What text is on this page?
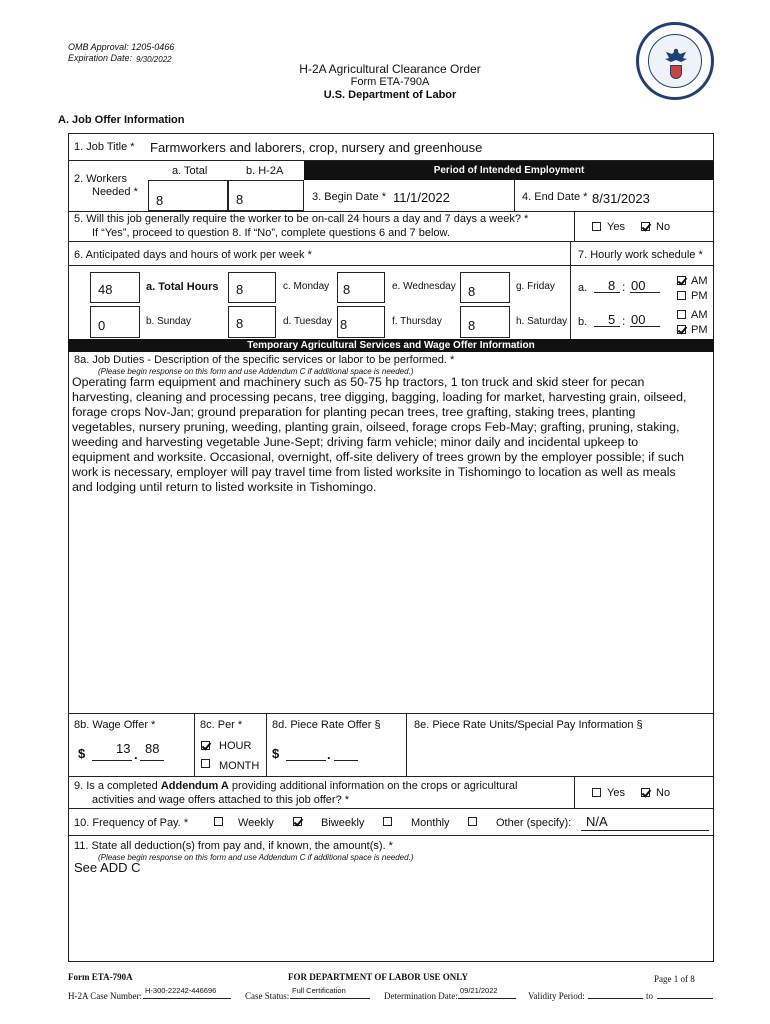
OMB Approval: 1205-0466
Expiration Date: 9/30/2022
H-2A Agricultural Clearance Order
Form ETA-790A
U.S. Department of Labor
A. Job Offer Information
1. Job Title * Farmworkers and laborers, crop, nursery and greenhouse
2. Workers
Needed *
a. Total	b. H-2A
8	8
Period of Intended Employment
3. Begin Date * 11/1/2022	4. End Date * 8/31/2023
5. Will this job generally require the worker to be on-call 24 hours a day and 7 days a week? *
If “Yes”, proceed to question 8. If “No”, complete questions 6 and 7 below.	Yes	No
6. Anticipated days and hours of work per week *	7. Hourly work schedule *
48	a. Total Hours 8	c. Monday 8	e. Wednesday 8	g. Friday
0	b. Sunday	8	d. Tuesday 8	f. Thursday 8	h. Saturday
a. 8 : 00	AM
PM
b. 5 : 00	AM
PM
Temporary Agricultural Services and Wage Offer Information
8a. Job Duties - Description of the specific services or labor to be performed. *
(Please begin response on this form and use Addendum C if additional space is needed.)
Operating farm equipment and machinery such as 50-75 hp tractors, 1 ton truck and skid steer for pecan
harvesting, cleaning and processing pecans, tree digging, bagging, loading for market, harvesting grain, oilseed,
forage crops Nov-Jan; ground preparation for planting pecan trees, tree grafting, staking trees, planting
vegetables, nursery pruning, weeding, planting grain, oilseed, forage crops Feb-May; grafting, pruning, staking,
weeding and harvesting vegetable June-Sept; driving farm vehicle; minor daily and incidental upkeep to
equipment and worksite. Occasional, overnight, off-site delivery of trees grown by the employer possible; if such
work is necessary, employer will pay travel time from listed worksite in Tishomingo to location as well as meals
and lodging until return to listed worksite in Tishomingo.
8b. Wage Offer *
$ 13 . 88
8c. Per *
HOUR
MONTH
8d. Piece Rate Offer §
$	.
8e. Piece Rate Units/Special Pay Information §
9. Is a completed Addendum A providing additional information on the crops or agricultural
activities and wage offers attached to this job offer? *
Yes	No
10. Frequency of Pay. *	Weekly	Biweekly	Monthly	Other (specify): N/A
11. State all deduction(s) from pay and, if known, the amount(s). *
(Please begin response on this form and use Addendum C if additional space is needed.)
See ADD C
Form ETA-790A	FOR DEPARTMENT OF LABOR USE ONLY	Page 1 of 8
H-2A Case Number:
H-300-22242-446696
Case Status:
Full Certification
Determination Date:
09/21/2022
Validity Period:	to
